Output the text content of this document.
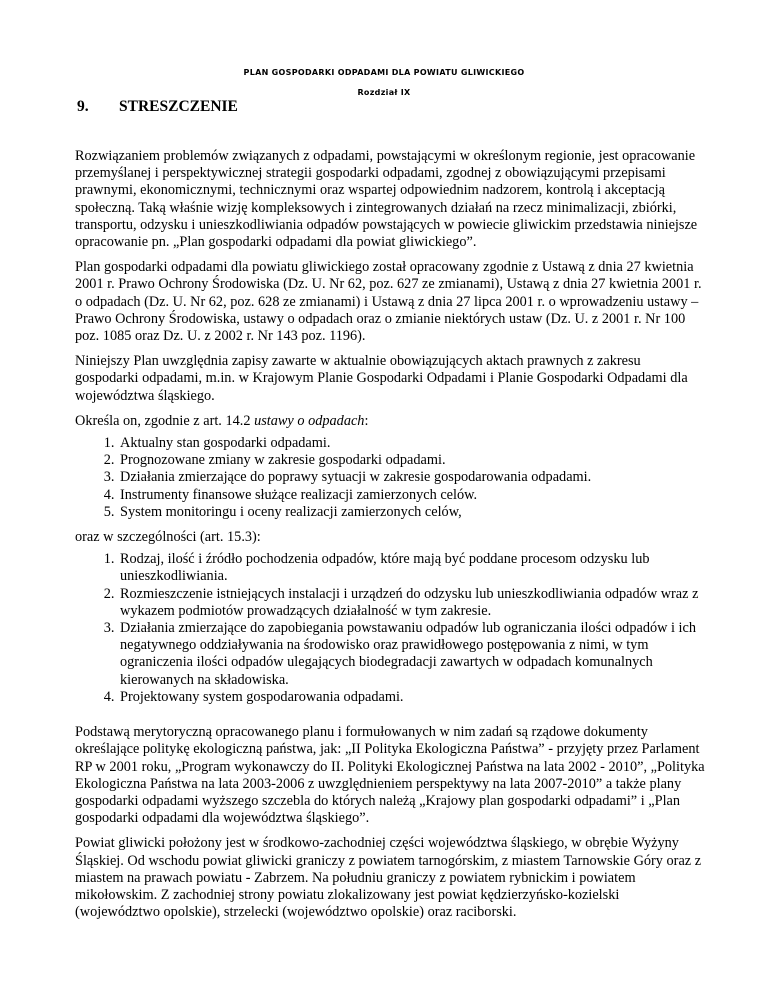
PLAN GOSPODARKI ODPADAMI DLA POWIATU GLIWICKIEGO
Rozdział IX
9. STRESZCZENIE

Rozwiązaniem problemów związanych z odpadami, powstającymi w określonym regionie, jest opracowanie przemyślanej i perspektywicznej strategii gospodarki odpadami, zgodnej z obowiązującymi przepisami prawnymi, ekonomicznymi, technicznymi oraz wspartej odpowiednim nadzorem, kontrolą i akceptacją społeczną. Taką właśnie wizję kompleksowych i zintegrowanych działań na rzecz minimalizacji, zbiórki, transportu, odzysku i unieszkodliwiania odpadów powstających w powiecie gliwickim przedstawia niniejsze opracowanie pn. „Plan gospodarki odpadami dla powiat gliwickiego”.

Plan gospodarki odpadami dla powiatu gliwickiego został opracowany zgodnie z Ustawą z dnia 27 kwietnia 2001 r. Prawo Ochrony Środowiska (Dz. U. Nr 62, poz. 627 ze zmianami), Ustawą z dnia 27 kwietnia 2001 r. o odpadach (Dz. U. Nr 62, poz. 628 ze zmianami) i Ustawą z dnia 27 lipca 2001 r. o wprowadzeniu ustawy – Prawo Ochrony Środowiska, ustawy o odpadach oraz o zmianie niektórych ustaw (Dz. U. z 2001 r. Nr 100 poz. 1085 oraz Dz. U. z 2002 r. Nr 143 poz. 1196).

Niniejszy Plan uwzględnia zapisy zawarte w aktualnie obowiązujących aktach prawnych z zakresu gospodarki odpadami, m.in. w Krajowym Planie Gospodarki Odpadami i Planie Gospodarki Odpadami dla województwa śląskiego.

Określa on, zgodnie z art. 14.2 ustawy o odpadach:

1. Aktualny stan gospodarki odpadami.
2. Prognozowane zmiany w zakresie gospodarki odpadami.
3. Działania zmierzające do poprawy sytuacji w zakresie gospodarowania odpadami.
4. Instrumenty finansowe służące realizacji zamierzonych celów.
5. System monitoringu i oceny realizacji zamierzonych celów,

oraz w szczególności (art. 15.3):

1. Rodzaj, ilość i źródło pochodzenia odpadów, które mają być poddane procesom odzysku lub unieszkodliwiania.
2. Rozmieszczenie istniejących instalacji i urządzeń do odzysku lub unieszkodliwiania odpadów wraz z wykazem podmiotów prowadzących działalność w tym zakresie.
3. Działania zmierzające do zapobiegania powstawaniu odpadów lub ograniczania ilości odpadów i ich negatywnego oddziaływania na środowisko oraz prawidłowego postępowania z nimi, w tym ograniczenia ilości odpadów ulegających biodegradacji zawartych w odpadach komunalnych kierowanych na składowiska.
4. Projektowany system gospodarowania odpadami.

Podstawą merytoryczną opracowanego planu i formułowanych w nim zadań są rządowe dokumenty określające politykę ekologiczną państwa, jak: „II Polityka Ekologiczna Państwa” - przyjęty przez Parlament RP w 2001 roku, „Program wykonawczy do II. Polityki Ekologicznej Państwa na lata 2002 - 2010”, „Polityka Ekologiczna Państwa na lata 2003-2006 z uwzględnieniem perspektywy na lata 2007-2010” a także plany gospodarki odpadami wyższego szczebla do których należą „Krajowy plan gospodarki odpadami” i „Plan gospodarki odpadami dla województwa śląskiego”.

Powiat gliwicki położony jest w środkowo-zachodniej części województwa śląskiego, w obrębie Wyżyny Śląskiej. Od wschodu powiat gliwicki graniczy z powiatem tarnogórskim, z miastem Tarnowskie Góry oraz z miastem na prawach powiatu - Zabrzem. Na południu graniczy z powiatem rybnickim i powiatem mikołowskim. Z zachodniej strony powiatu zlokalizowany jest powiat kędzierzyńsko-kozielski (województwo opolskie), strzelecki (województwo opolskie) oraz raciborski.
